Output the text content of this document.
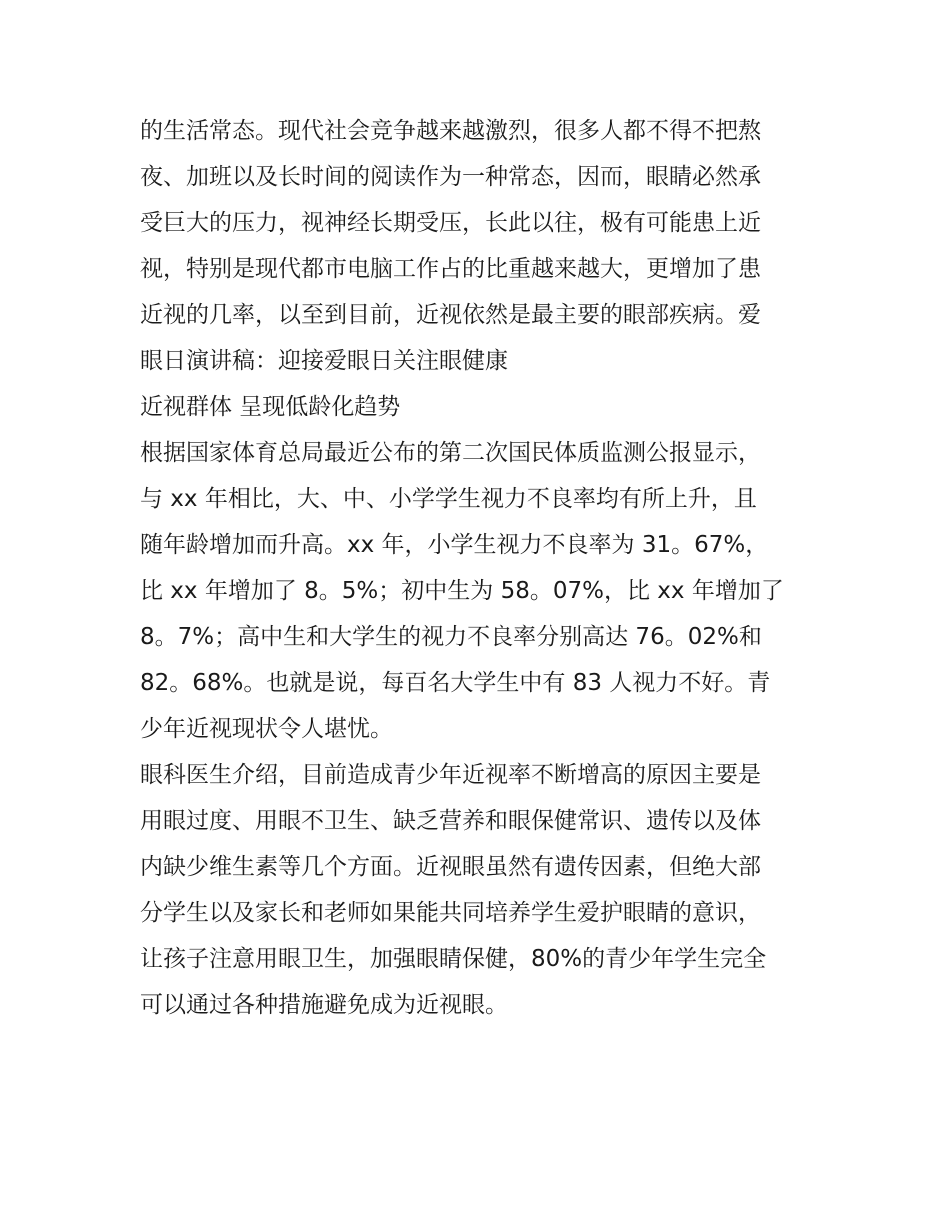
的生活常态。现代社会竞争越来越激烈，很多人都不得不把熬
夜、加班以及长时间的阅读作为一种常态，因而，眼睛必然承
受巨大的压力，视神经长期受压，长此以往，极有可能患上近
视，特别是现代都市电脑工作占的比重越来越大，更增加了患
近视的几率，以至到目前，近视依然是最主要的眼部疾病。爱
眼日演讲稿：迎接爱眼日关注眼健康

近视群体 呈现低龄化趋势

根据国家体育总局最近公布的第二次国民体质监测公报显示，
与 xx 年相比，大、中、小学学生视力不良率均有所上升，且
随年龄增加而升高。xx 年，小学生视力不良率为 31。67%，
比 xx 年增加了 8。5%；初中生为 58。07%，比 xx 年增加了
8。7%；高中生和大学生的视力不良率分别高达 76。02%和
82。68%。也就是说，每百名大学生中有 83 人视力不好。青
少年近视现状令人堪忧。

眼科医生介绍，目前造成青少年近视率不断增高的原因主要是
用眼过度、用眼不卫生、缺乏营养和眼保健常识、遗传以及体
内缺少维生素等几个方面。近视眼虽然有遗传因素，但绝大部
分学生以及家长和老师如果能共同培养学生爱护眼睛的意识，
让孩子注意用眼卫生，加强眼睛保健，80%的青少年学生完全
可以通过各种措施避免成为近视眼。
